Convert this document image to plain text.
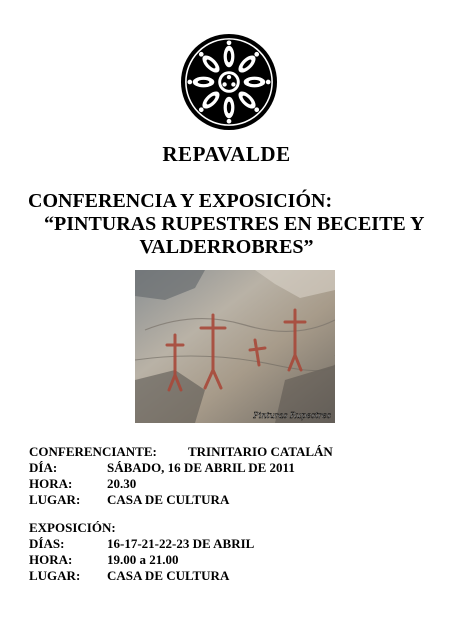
REPAVALDE
CONFERENCIA Y EXPOSICIÓN:
“PINTURAS RUPESTRES EN BECEITE Y
VALDERROBRES”
Pinturas Rupestres
CONFERENCIANTE: TRINITARIO CATALÁN
DÍA:	SÁBADO, 16 DE ABRIL DE 2011
HORA:	20.30
LUGAR: CASA DE CULTURA
EXPOSICIÓN:
DÍAS:	16-17-21-22-23 DE ABRIL
HORA:	19.00 a 21.00
LUGAR: CASA DE CULTURA
